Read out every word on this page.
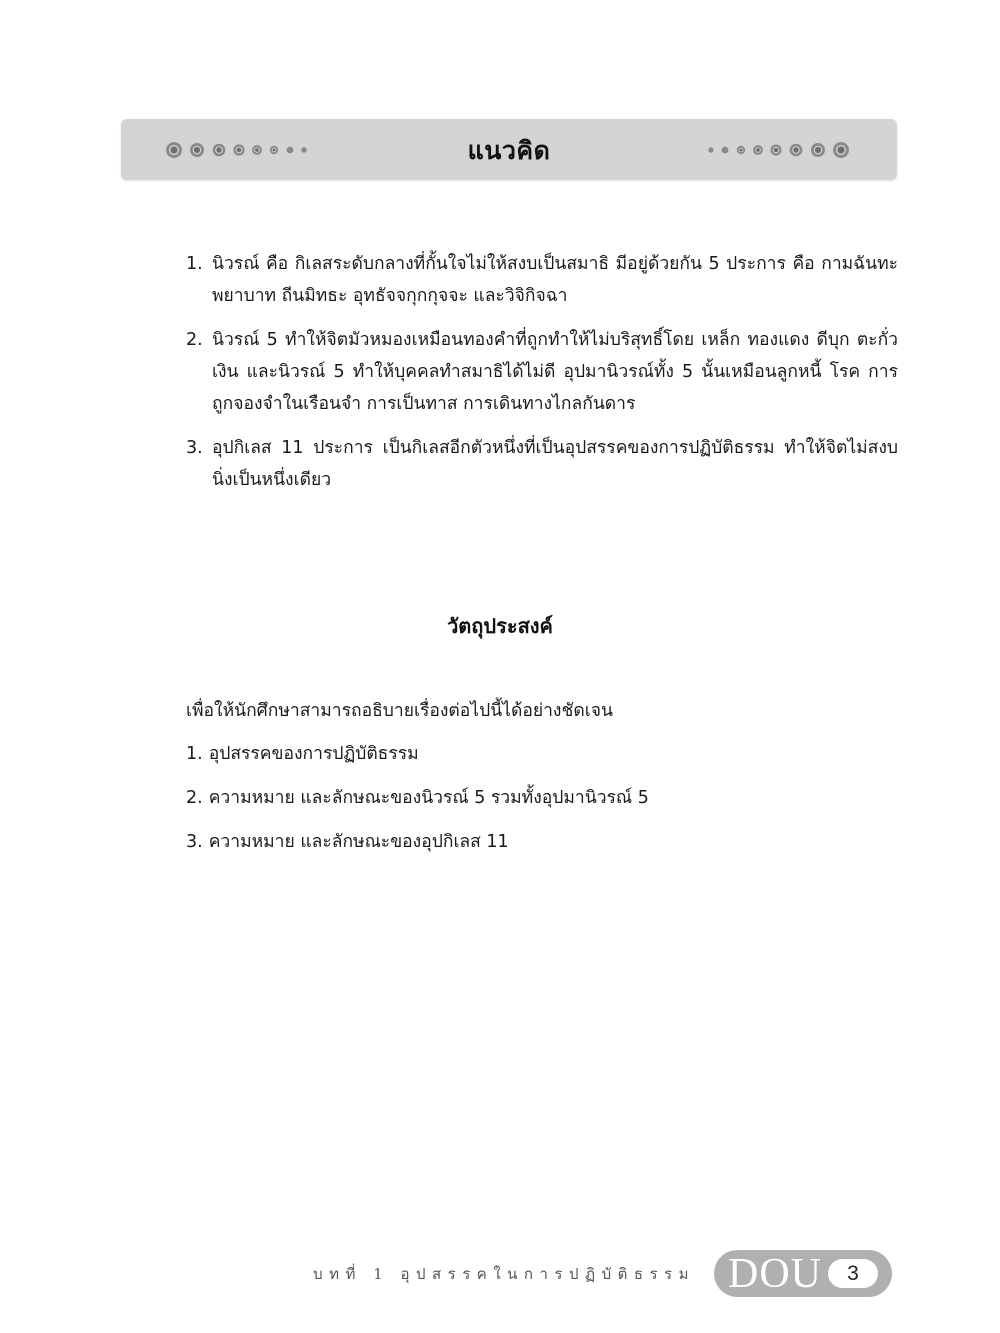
แนวคิด
1. นิวรณ์ คือ กิเลสระดับกลางที่กั้นใจไม่ให้สงบเป็นสมาธิ มีอยู่ด้วยกัน 5 ประการ คือ กามฉันทะ พยาบาท ถีนมิทธะ อุทธัจจกุกกุจจะ และวิจิกิจฉา
2. นิวรณ์ 5 ทำให้จิตมัวหมองเหมือนทองคำที่ถูกทำให้ไม่บริสุทธิ์โดย เหล็ก ทองแดง ดีบุก ตะกั่ว เงิน และนิวรณ์ 5 ทำให้บุคคลทำสมาธิได้ไม่ดี อุปมานิวรณ์ทั้ง 5 นั้นเหมือนลูกหนี้ โรค การถูกจองจำในเรือนจำ การเป็นทาส การเดินทางไกลกันดาร
3. อุปกิเลส 11 ประการ เป็นกิเลสอีกตัวหนึ่งที่เป็นอุปสรรคของการปฏิบัติธรรม ทำให้จิตไม่สงบนิ่งเป็นหนึ่งเดียว
วัตถุประสงค์
เพื่อให้นักศึกษาสามารถอธิบายเรื่องต่อไปนี้ได้อย่างชัดเจน
1. อุปสรรคของการปฏิบัติธรรม
2. ความหมาย และลักษณะของนิวรณ์ 5 รวมทั้งอุปมานิวรณ์ 5
3. ความหมาย และลักษณะของอุปกิเลส 11
บทที่ 1 อุปสรรคในการปฏิบัติธรรม DOU	3
